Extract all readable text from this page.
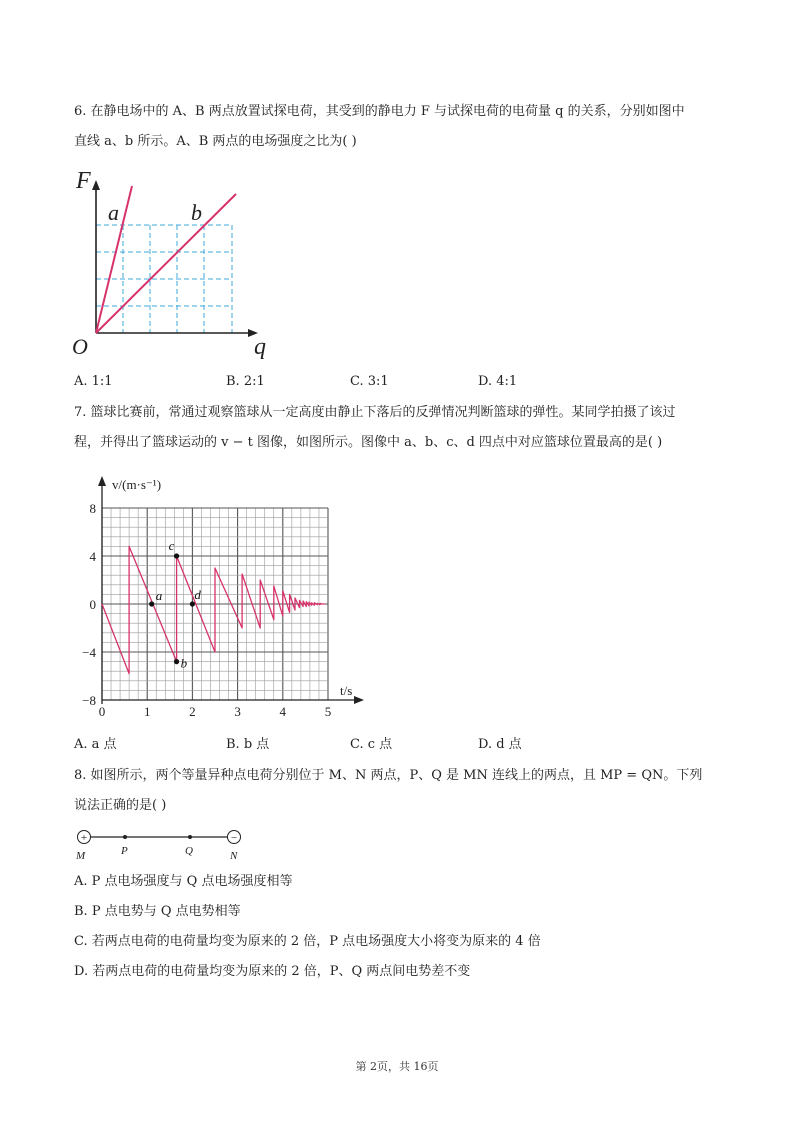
6. 在静电场中的 A、B 两点放置试探电荷，其受到的静电力 F 与试探电荷的电荷量 q 的关系，分别如图中
直线 a、b 所示。A、B 两点的电场强度之比为( )
F
O	q
a	b
A. 1:1	B. 2:1	C. 3:1	D. 4:1
7. 篮球比赛前，常通过观察篮球从一定高度由静止下落后的反弹情况判断篮球的弹性。某同学拍摄了该过
程，并得出了篮球运动的 v − t 图像，如图所示。图像中 a、b、c、d 四点中对应篮球位置最高的是( )
0	1	2	3	4	5
8
4
0
−4
−8
a
b
c
d
v/(m·s⁻¹)
t/s
A. a 点	B. b 点	C. c 点	D. d 点
8. 如图所示，两个等量异种点电荷分别位于 M、N 两点，P、Q 是 MN 连线上的两点，且 MP = QN。下列
说法正确的是( )
+	−
M	P	Q	N
A. P 点电场强度与 Q 点电场强度相等
B. P 点电势与 Q 点电势相等
C. 若两点电荷的电荷量均变为原来的 2 倍，P 点电场强度大小将变为原来的 4 倍
D. 若两点电荷的电荷量均变为原来的 2 倍，P、Q 两点间电势差不变
第 2页，共 16页
